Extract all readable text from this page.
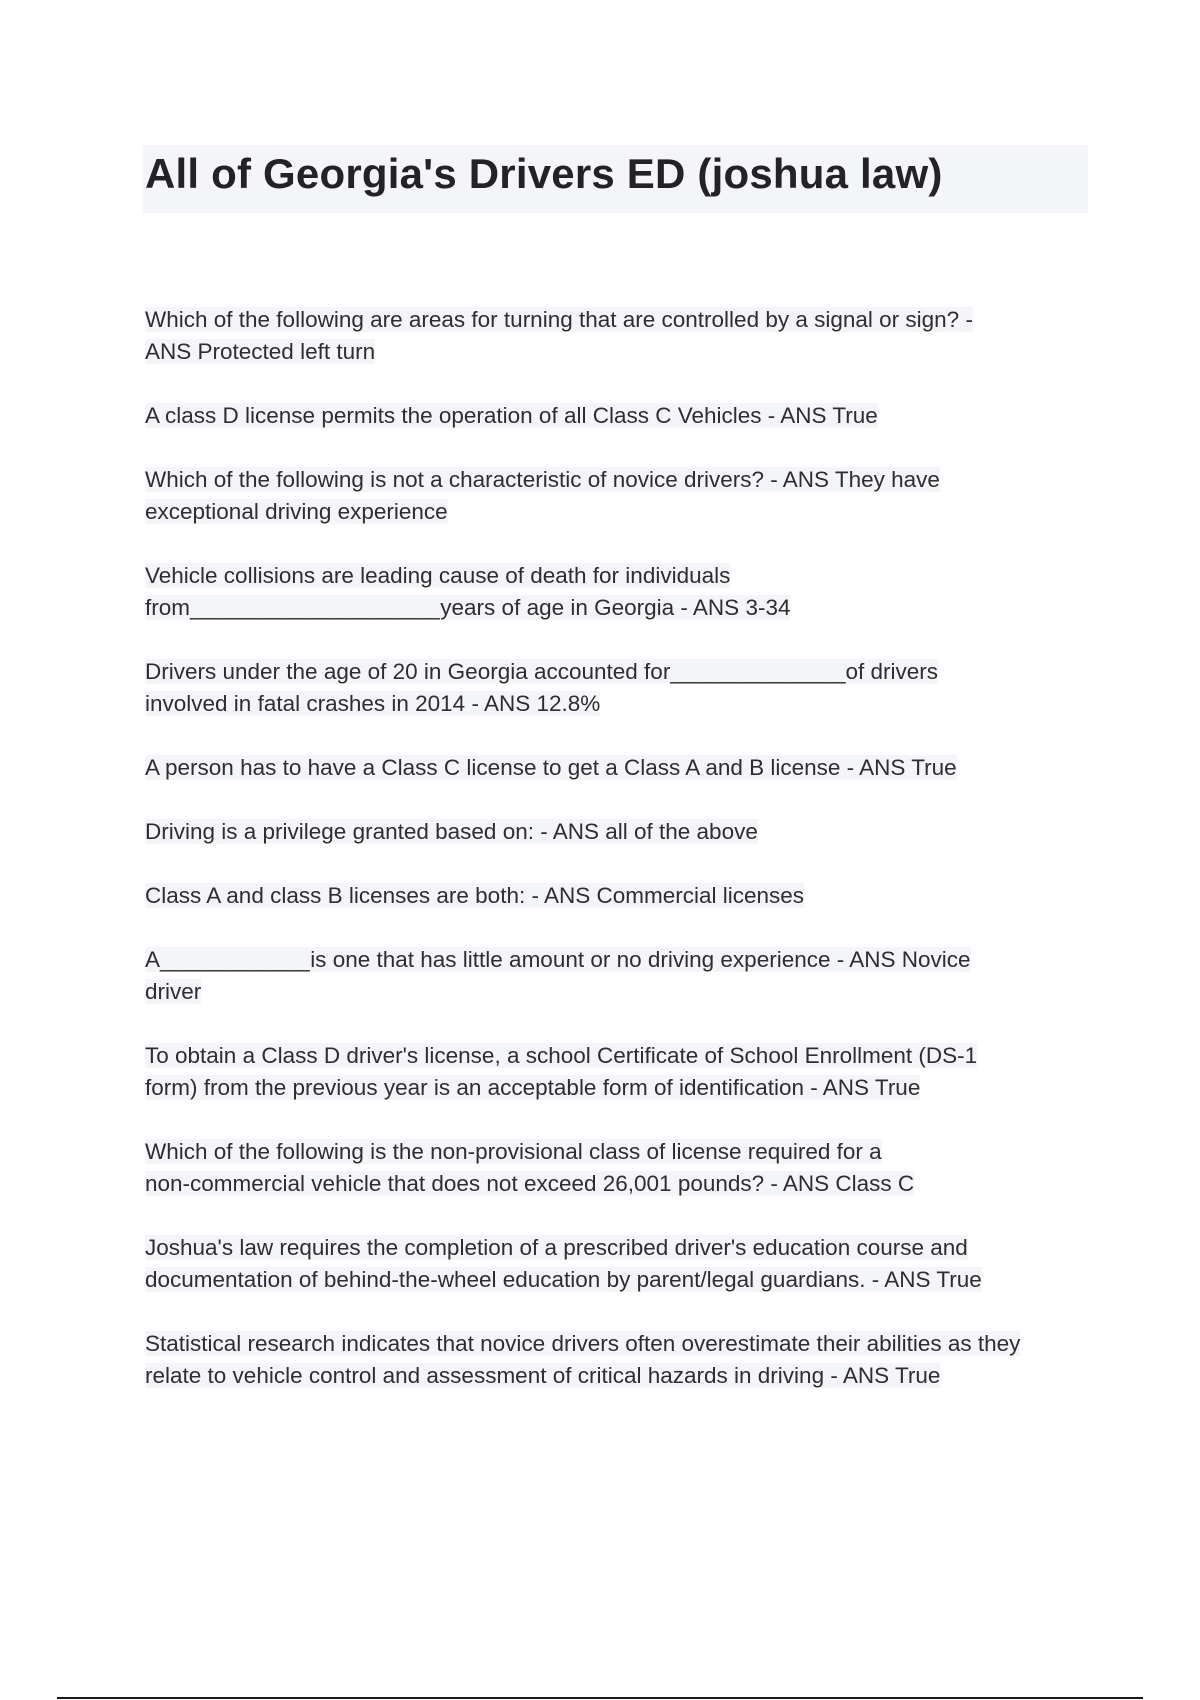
All of Georgia's Drivers ED (joshua law)

Which of the following are areas for turning that are controlled by a signal or sign? -
ANS Protected left turn

A class D license permits the operation of all Class C Vehicles - ANS True

Which of the following is not a characteristic of novice drivers? - ANS They have
exceptional driving experience

Vehicle collisions are leading cause of death for individuals
from____________________years of age in Georgia - ANS 3-34

Drivers under the age of 20 in Georgia accounted for______________of drivers
involved in fatal crashes in 2014 - ANS 12.8%

A person has to have a Class C license to get a Class A and B license - ANS True

Driving is a privilege granted based on: - ANS all of the above

Class A and class B licenses are both: - ANS Commercial licenses

A____________is one that has little amount or no driving experience - ANS Novice
driver

To obtain a Class D driver's license, a school Certificate of School Enrollment (DS-1
form) from the previous year is an acceptable form of identification - ANS True

Which of the following is the non-provisional class of license required for a
non-commercial vehicle that does not exceed 26,001 pounds? - ANS Class C

Joshua's law requires the completion of a prescribed driver's education course and
documentation of behind-the-wheel education by parent/legal guardians. - ANS True

Statistical research indicates that novice drivers often overestimate their abilities as they
relate to vehicle control and assessment of critical hazards in driving - ANS True
